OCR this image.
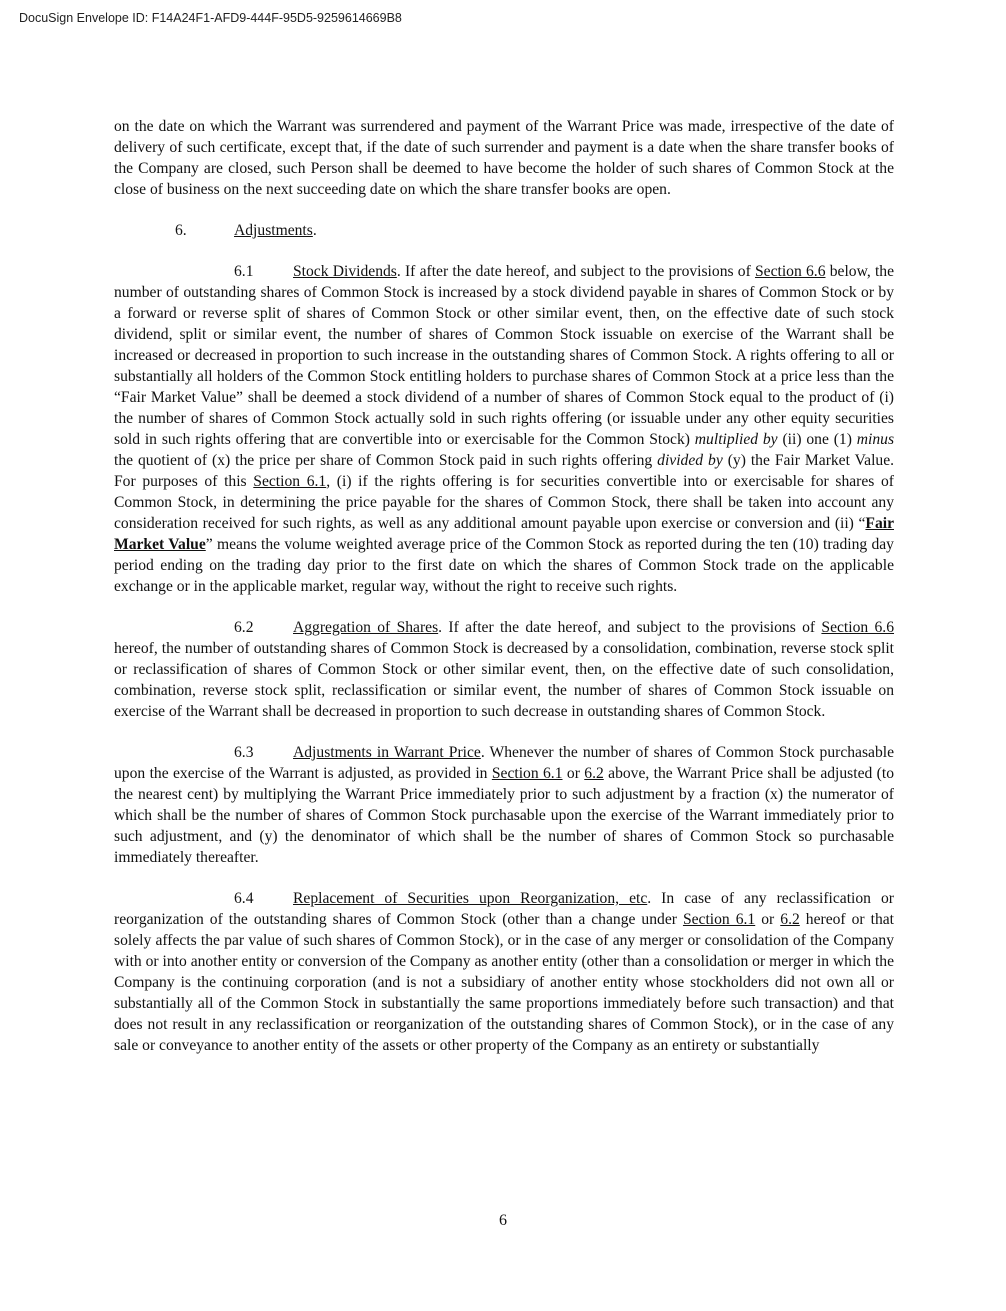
DocuSign Envelope ID: F14A24F1-AFD9-444F-95D5-9259614669B8

on the date on which the Warrant was surrendered and payment of the Warrant Price was made, irrespective of the date of delivery of such certificate, except that, if the date of such surrender and payment is a date when the share transfer books of the Company are closed, such Person shall be deemed to have become the holder of such shares of Common Stock at the close of business on the next succeeding date on which the share transfer books are open.

6.	Adjustments.

6.1	Stock Dividends. If after the date hereof, and subject to the provisions of Section 6.6 below, the number of outstanding shares of Common Stock is increased by a stock dividend payable in shares of Common Stock or by a forward or reverse split of shares of Common Stock or other similar event, then, on the effective date of such stock dividend, split or similar event, the number of shares of Common Stock issuable on exercise of the Warrant shall be increased or decreased in proportion to such increase in the outstanding shares of Common Stock. A rights offering to all or substantially all holders of the Common Stock entitling holders to purchase shares of Common Stock at a price less than the “Fair Market Value” shall be deemed a stock dividend of a number of shares of Common Stock equal to the product of (i) the number of shares of Common Stock actually sold in such rights offering (or issuable under any other equity securities sold in such rights offering that are convertible into or exercisable for the Common Stock) multiplied by (ii) one (1) minus the quotient of (x) the price per share of Common Stock paid in such rights offering divided by (y) the Fair Market Value. For purposes of this Section 6.1, (i) if the rights offering is for securities convertible into or exercisable for shares of Common Stock, in determining the price payable for the shares of Common Stock, there shall be taken into account any consideration received for such rights, as well as any additional amount payable upon exercise or conversion and (ii) “Fair Market Value” means the volume weighted average price of the Common Stock as reported during the ten (10) trading day period ending on the trading day prior to the first date on which the shares of Common Stock trade on the applicable exchange or in the applicable market, regular way, without the right to receive such rights.

6.2	Aggregation of Shares. If after the date hereof, and subject to the provisions of Section 6.6 hereof, the number of outstanding shares of Common Stock is decreased by a consolidation, combination, reverse stock split or reclassification of shares of Common Stock or other similar event, then, on the effective date of such consolidation, combination, reverse stock split, reclassification or similar event, the number of shares of Common Stock issuable on exercise of the Warrant shall be decreased in proportion to such decrease in outstanding shares of Common Stock.

6.3	Adjustments in Warrant Price. Whenever the number of shares of Common Stock purchasable upon the exercise of the Warrant is adjusted, as provided in Section 6.1 or 6.2 above, the Warrant Price shall be adjusted (to the nearest cent) by multiplying the Warrant Price immediately prior to such adjustment by a fraction (x) the numerator of which shall be the number of shares of Common Stock purchasable upon the exercise of the Warrant immediately prior to such adjustment, and (y) the denominator of which shall be the number of shares of Common Stock so purchasable immediately thereafter.

6.4	Replacement of Securities upon Reorganization, etc. In case of any reclassification or reorganization of the outstanding shares of Common Stock (other than a change under Section 6.1 or 6.2 hereof or that solely affects the par value of such shares of Common Stock), or in the case of any merger or consolidation of the Company with or into another entity or conversion of the Company as another entity (other than a consolidation or merger in which the Company is the continuing corporation (and is not a subsidiary of another entity whose stockholders did not own all or substantially all of the Common Stock in substantially the same proportions immediately before such transaction) and that does not result in any reclassification or reorganization of the outstanding shares of Common Stock), or in the case of any sale or conveyance to another entity of the assets or other property of the Company as an entirety or substantially

6
